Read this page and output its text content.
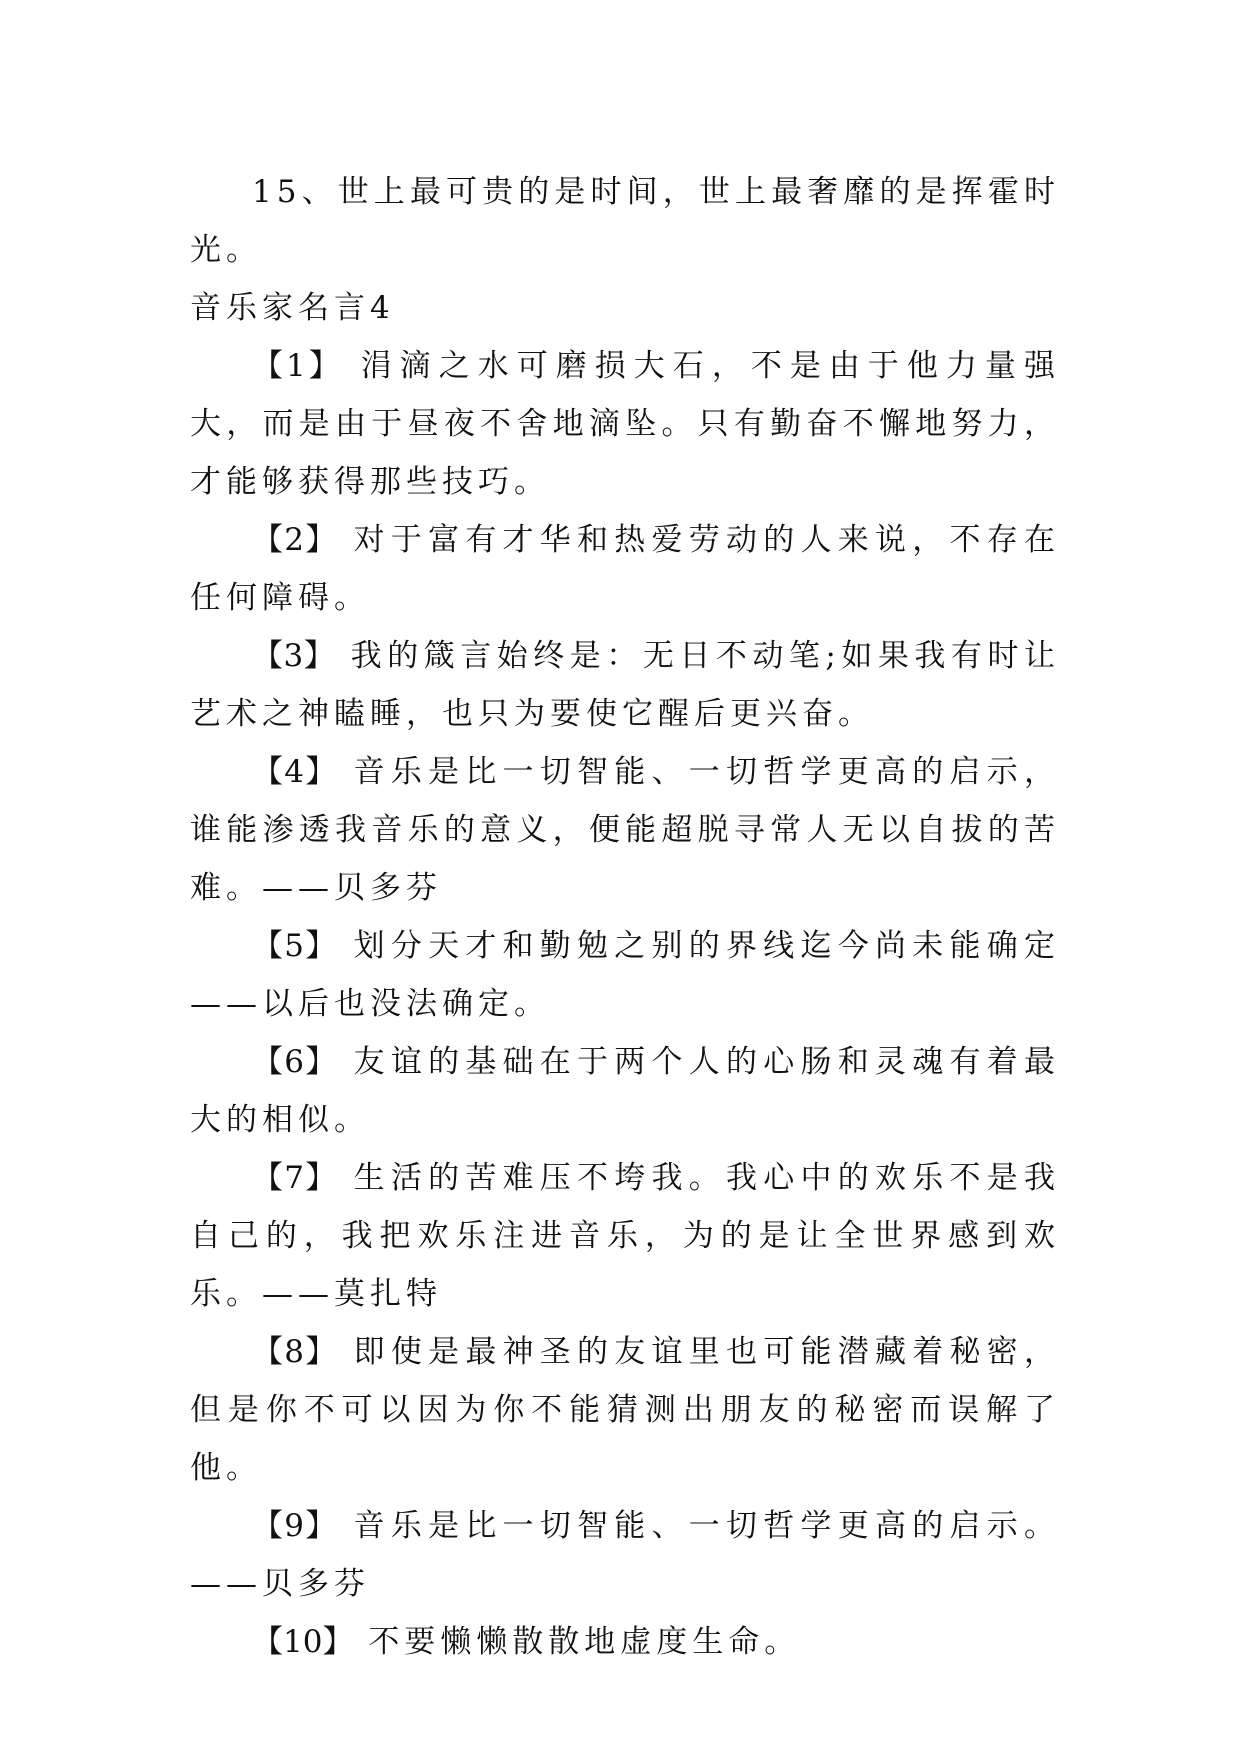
15、世上最可贵的是时间，世上最奢靡的是挥霍时光。

音乐家名言4

【1】 涓滴之水可磨损大石，不是由于他力量强大，而是由于昼夜不舍地滴坠。只有勤奋不懈地努力，才能够获得那些技巧。

【2】 对于富有才华和热爱劳动的人来说，不存在任何障碍。

【3】 我的箴言始终是：无日不动笔;如果我有时让艺术之神瞌睡，也只为要使它醒后更兴奋。

【4】 音乐是比一切智能、一切哲学更高的启示，谁能渗透我音乐的意义，便能超脱寻常人无以自拔的苦难。——贝多芬

【5】 划分天才和勤勉之别的界线迄今尚未能确定——以后也没法确定。

【6】 友谊的基础在于两个人的心肠和灵魂有着最大的相似。

【7】 生活的苦难压不垮我。我心中的欢乐不是我自己的，我把欢乐注进音乐，为的是让全世界感到欢乐。——莫扎特

【8】 即使是最神圣的友谊里也可能潜藏着秘密，但是你不可以因为你不能猜测出朋友的秘密而误解了他。

【9】 音乐是比一切智能、一切哲学更高的启示。——贝多芬

【10】 不要懒懒散散地虚度生命。
